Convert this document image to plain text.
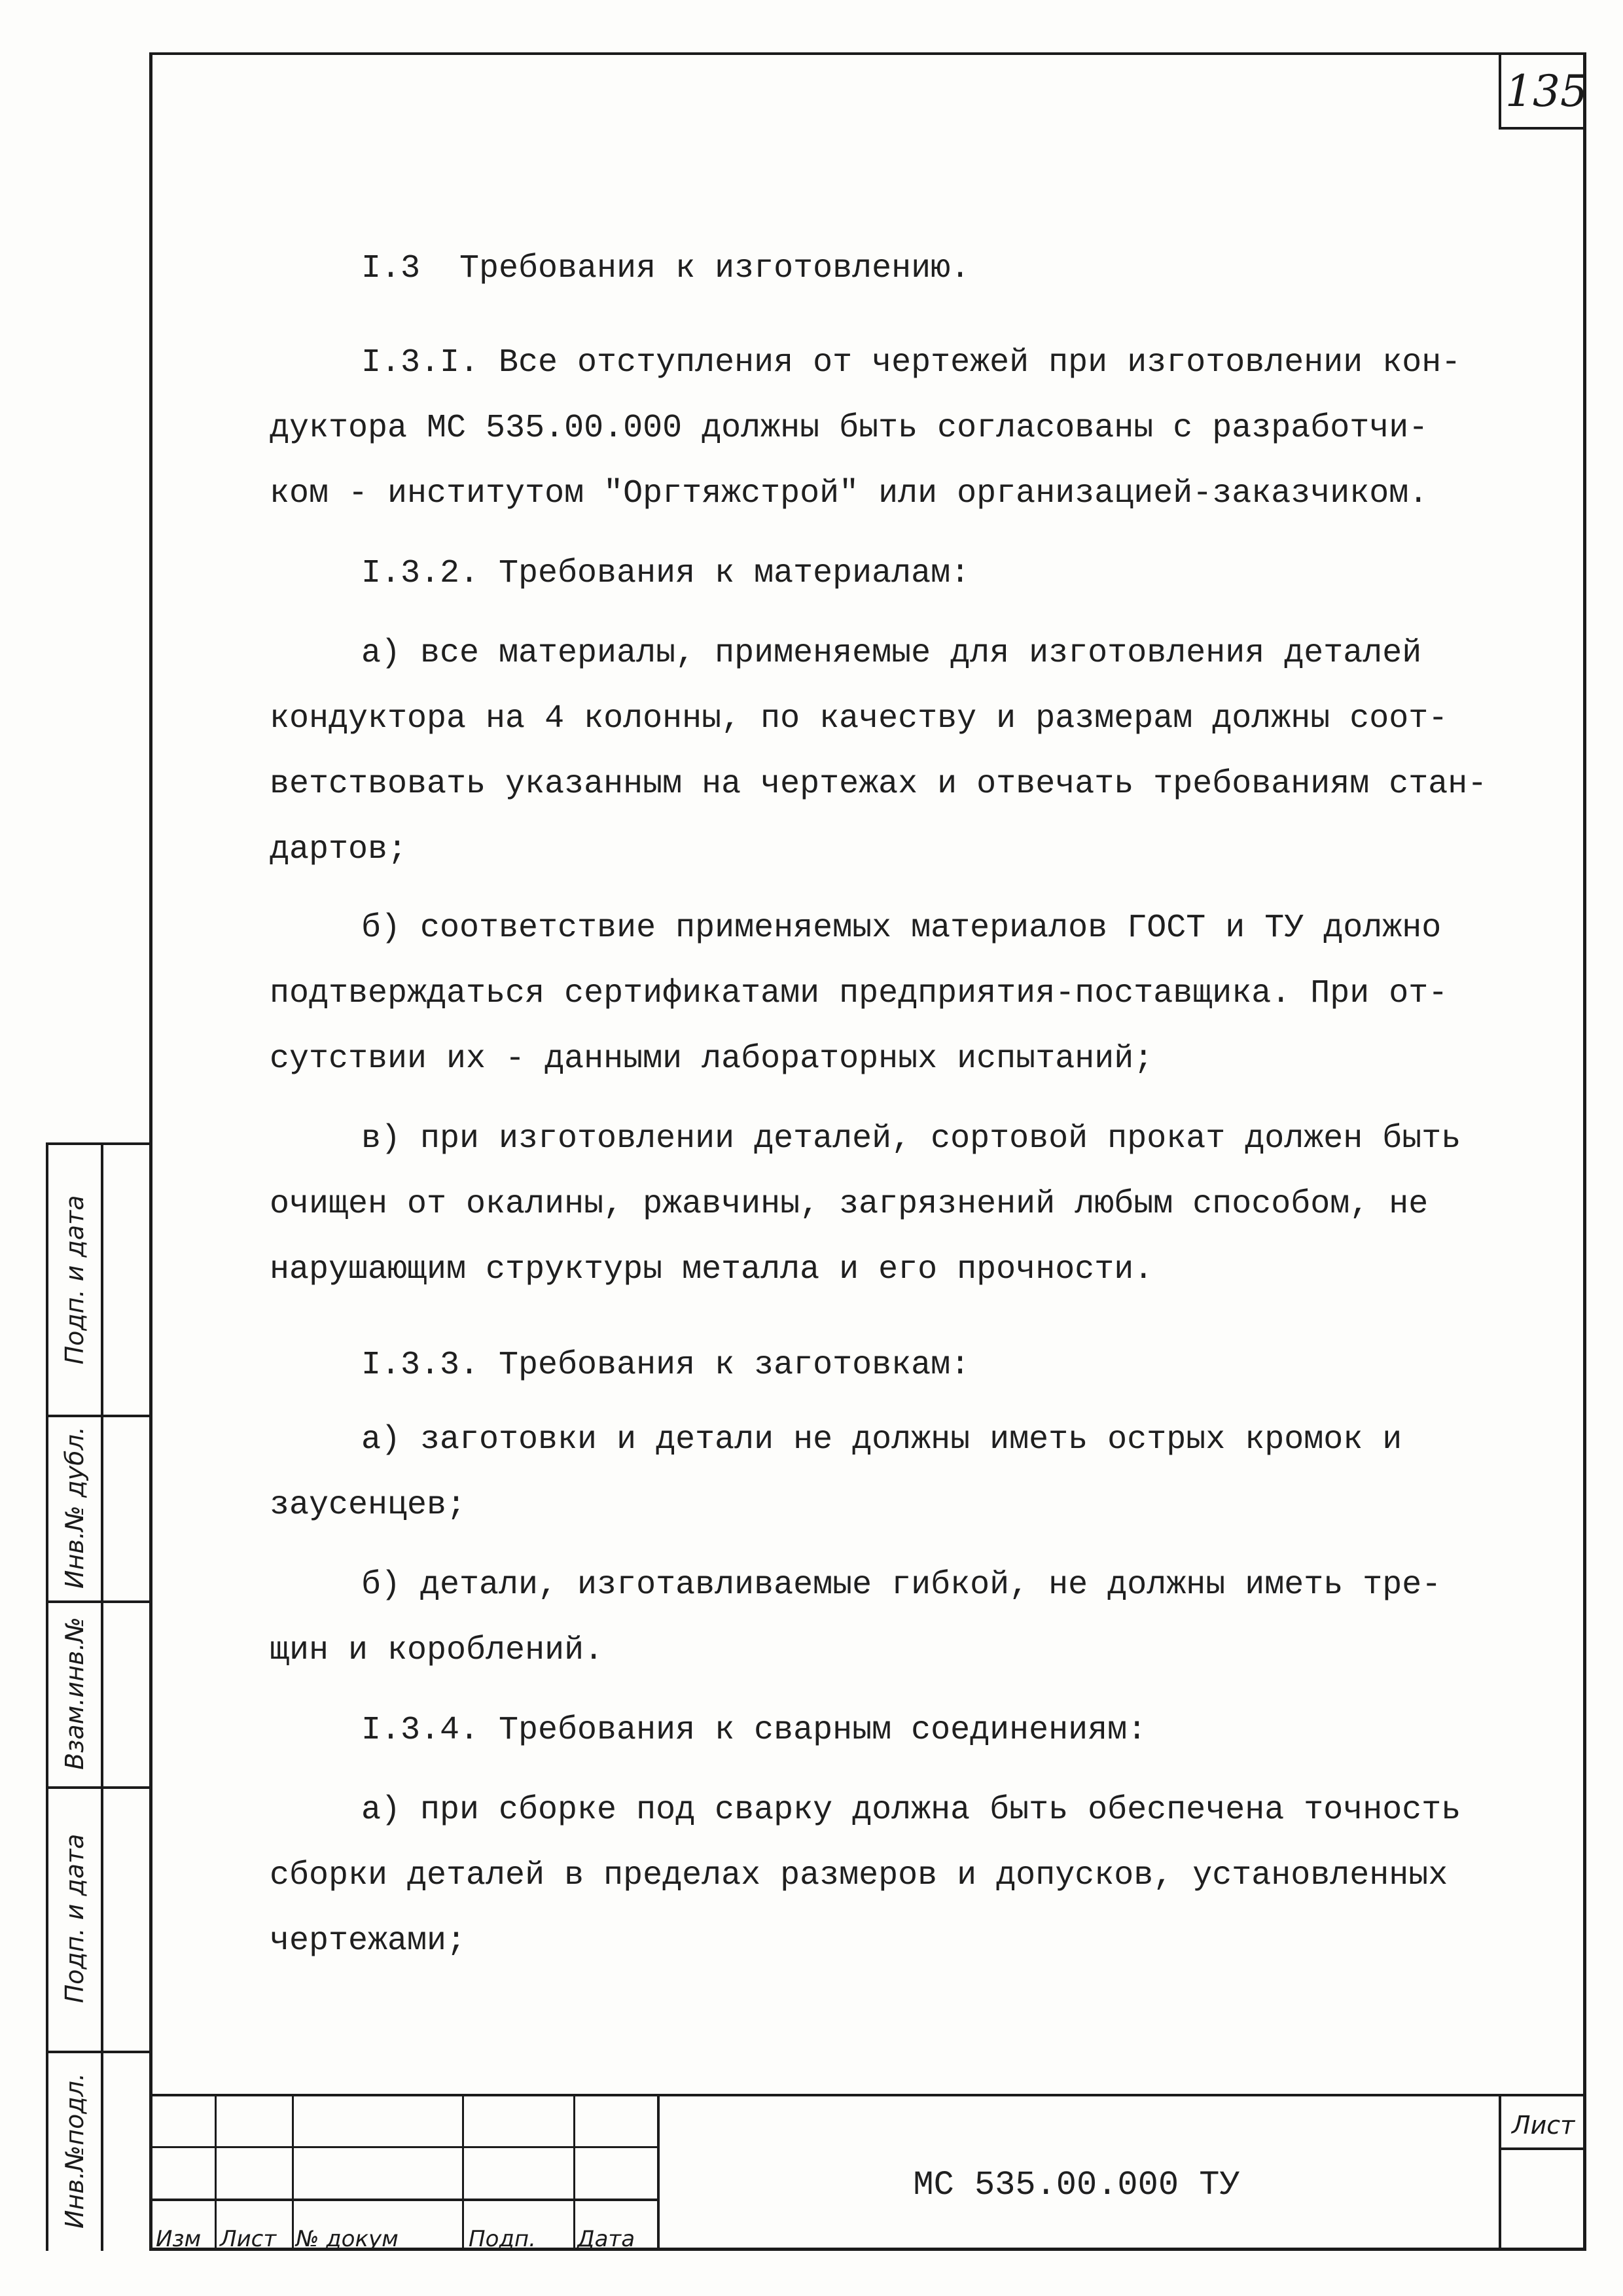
135
I.3  Требования к изготовлению.
I.3.I. Все отступления от чертежей при изготовлении кон-
дуктора МС 535.00.000 должны быть согласованы с разработчи-
ком - институтом "Оргтяжстрой" или организацией-заказчиком.
I.3.2. Требования к материалам:
а) все материалы, применяемые для изготовления деталей
кондуктора на 4 колонны, по качеству и размерам должны соот-
ветствовать указанным на чертежах и отвечать требованиям стан-
дартов;
б) соответствие применяемых материалов ГОСТ и ТУ должно
подтверждаться сертификатами предприятия-поставщика. При от-
сутствии их - данными лабораторных испытаний;
в) при изготовлении деталей, сортовой прокат должен быть
очищен от окалины, ржавчины, загрязнений любым способом, не
нарушающим структуры металла и его прочности.
I.3.3. Требования к заготовкам:
а) заготовки и детали не должны иметь острых кромок и
заусенцев;
б) детали, изготавливаемые гибкой, не должны иметь тре-
щин и короблений.
I.3.4. Требования к сварным соединениям:
а) при сборке под сварку должна быть обеспечена точность
сборки деталей в пределах размеров и допусков, установленных
чертежами;
Подп. и дата
Инв.№ дубл.
Взам.инв.№
Подп. и дата
Инв.№подл.
Изм Лист № докум	Подп. Дата
МС 535.00.000 ТУ
Лист
